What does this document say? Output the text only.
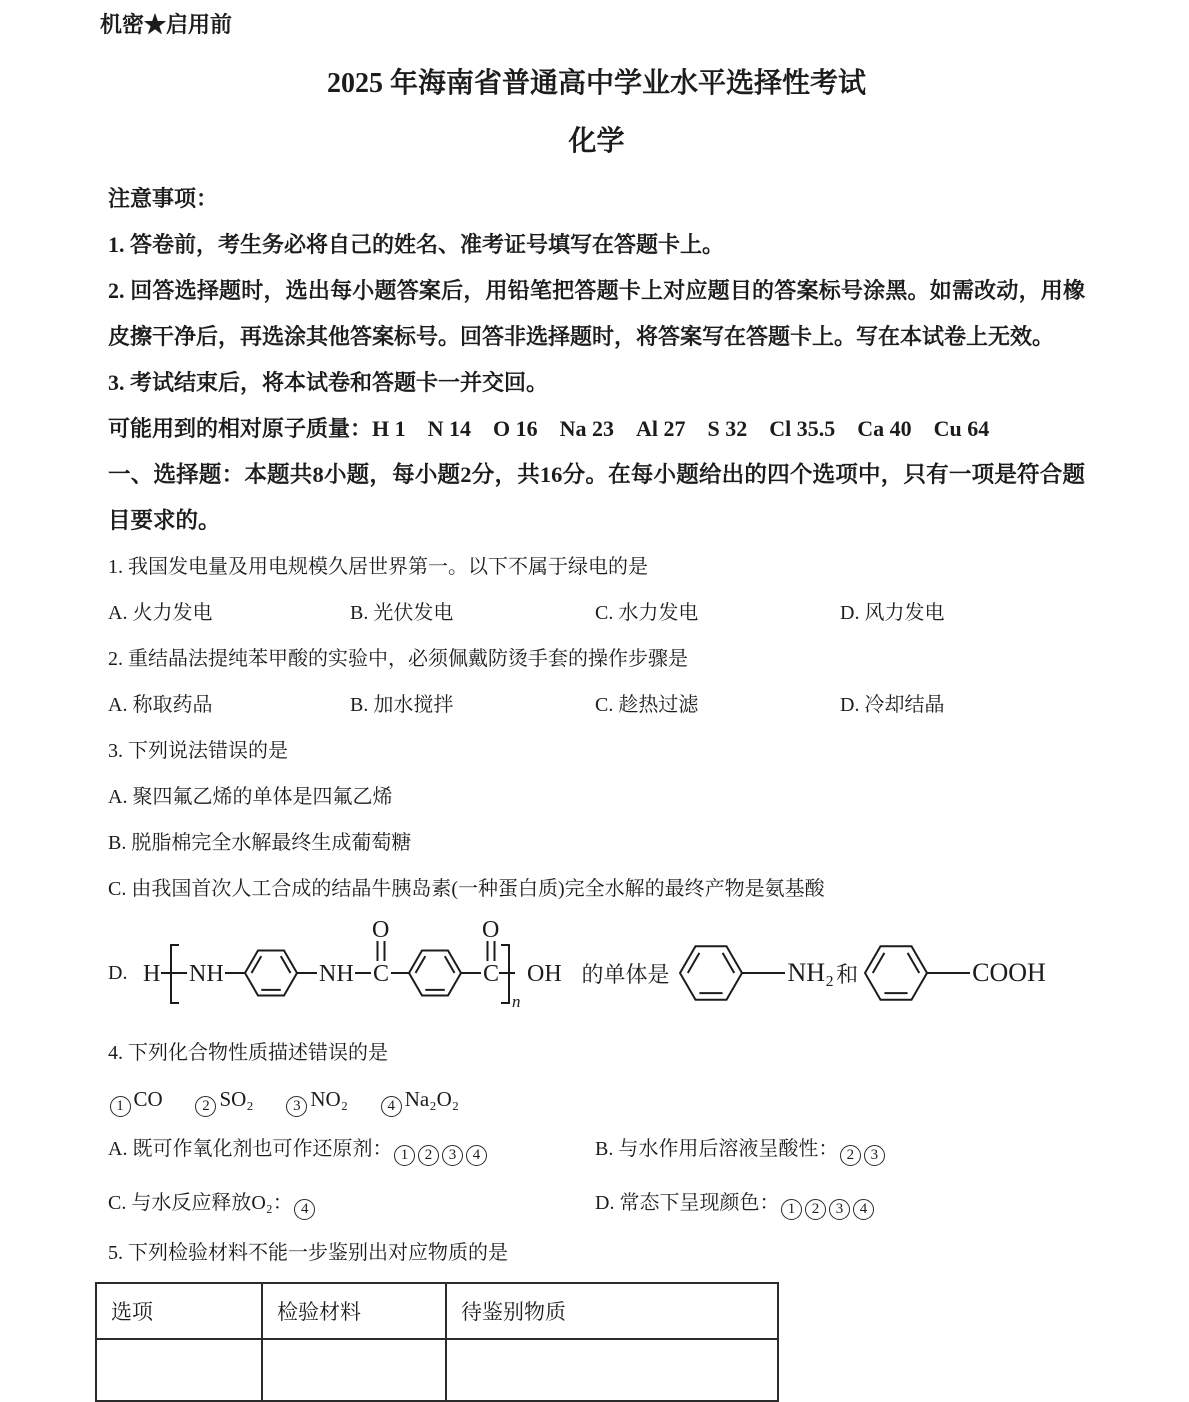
机密★启用前
2025 年海南省普通高中学业水平选择性考试
化学
注意事项：

1. 答卷前，考生务必将自己的姓名、准考证号填写在答题卡上。

2. 回答选择题时，选出每小题答案后，用铅笔把答题卡上对应题目的答案标号涂黑。如需改动，用橡皮擦干净后，再选涂其他答案标号。回答非选择题时，将答案写在答题卡上。写在本试卷上无效。

3. 考试结束后，将本试卷和答题卡一并交回。

可能用到的相对原子质量：H 1　N 14　O 16　Na 23　Al 27　S 32　Cl 35.5　Ca 40　Cu 64

一、选择题：本题共8小题，每小题2分，共16分。在每小题给出的四个选项中，只有一项是符合题目要求的。

1. 我国发电量及用电规模久居世界第一。以下不属于绿电的是

A. 火力发电	B. 光伏发电	C. 水力发电	D. 风力发电

2. 重结晶法提纯苯甲酸的实验中，必须佩戴防烫手套的操作步骤是

A. 称取药品	B. 加水搅拌	C. 趁热过滤	D. 冷却结晶

3. 下列说法错误的是

A. 聚四氟乙烯的单体是四氟乙烯

B. 脱脂棉完全水解最终生成葡萄糖

C. 由我国首次人工合成的结晶牛胰岛素(一种蛋白质)完全水解的最终产物是氨基酸

D. H NH	NH C
O
C
O
n
OH 的单体是	NH₂ 和	COOH

4. 下列化合物性质描述错误的是

1 CO	2 SO₂	3 NO₂	4 Na₂O₂
A. 既可作氧化剂也可作还原剂： 1 2 3 4	B. 与水作用后溶液呈酸性： 2 3
C. 与水反应释放O₂： 4	D. 常态下呈现颜色： 1 2 3 4

5. 下列检验材料不能一步鉴别出对应物质的是

选项	检验材料	待鉴别物质
